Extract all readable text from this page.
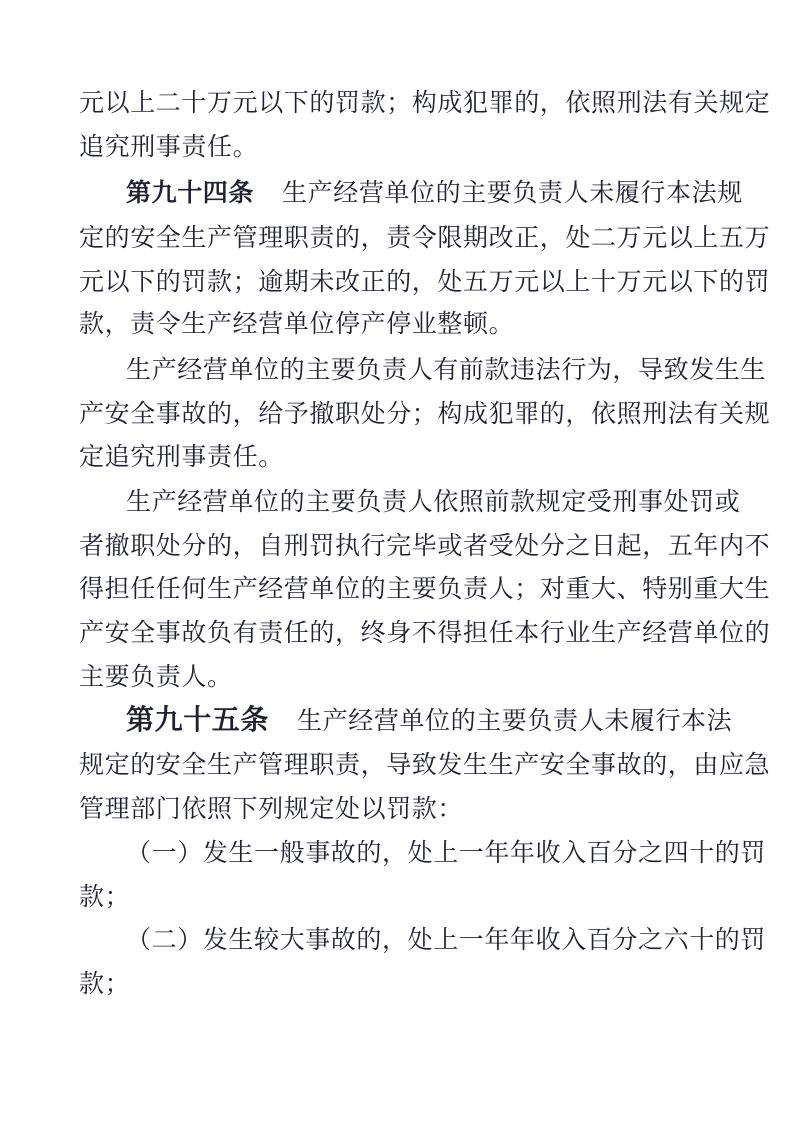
元以上二十万元以下的罚款；构成犯罪的，依照刑法有关规定
追究刑事责任。
第九十四条 生产经营单位的主要负责人未履行本法规
定的安全生产管理职责的，责令限期改正，处二万元以上五万
元以下的罚款；逾期未改正的，处五万元以上十万元以下的罚
款，责令生产经营单位停产停业整顿。
生产经营单位的主要负责人有前款违法行为，导致发生生
产安全事故的，给予撤职处分；构成犯罪的，依照刑法有关规
定追究刑事责任。
生产经营单位的主要负责人依照前款规定受刑事处罚或
者撤职处分的，自刑罚执行完毕或者受处分之日起，五年内不
得担任任何生产经营单位的主要负责人；对重大、特别重大生
产安全事故负有责任的，终身不得担任本行业生产经营单位的
主要负责人。
第九十五条 生产经营单位的主要负责人未履行本法
规定的安全生产管理职责，导致发生生产安全事故的，由应急
管理部门依照下列规定处以罚款：
（一）发生一般事故的，处上一年年收入百分之四十的罚
款；
（二）发生较大事故的，处上一年年收入百分之六十的罚
款；
